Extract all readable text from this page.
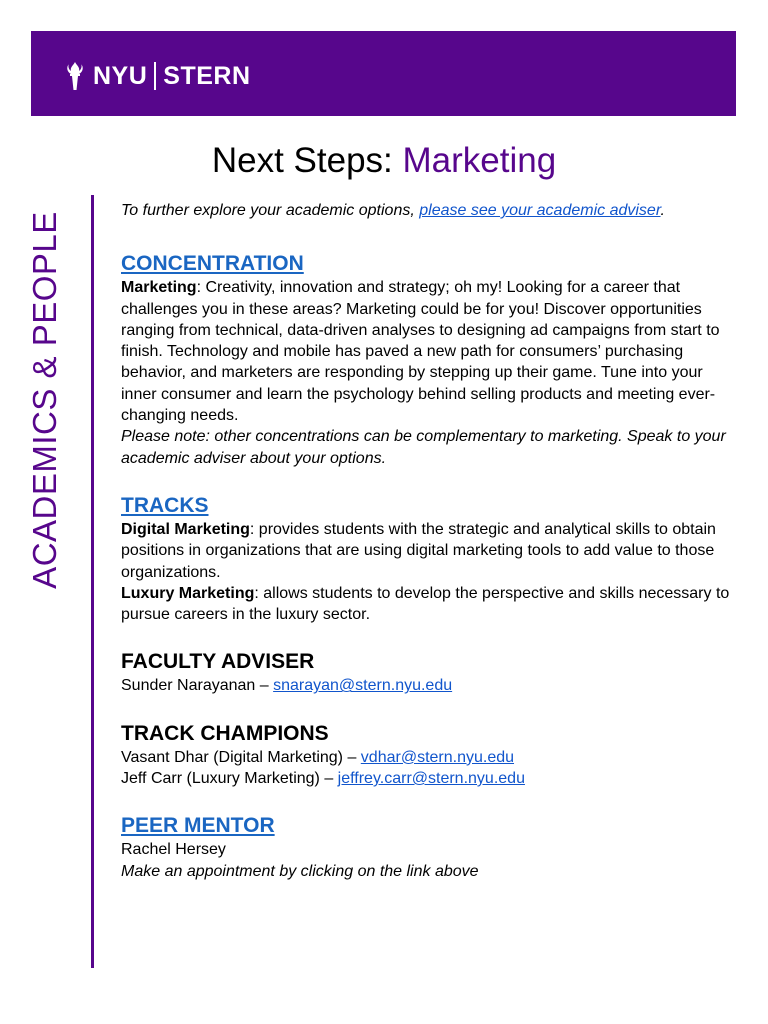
NYU STERN
Next Steps: Marketing
ACADEMICS & PEOPLE

To further explore your academic options, please see your academic adviser.

CONCENTRATION

Marketing: Creativity, innovation and strategy; oh my! Looking for a career that challenges you in these areas? Marketing could be for you! Discover opportunities ranging from technical, data-driven analyses to designing ad campaigns from start to finish. Technology and mobile has paved a new path for consumers’ purchasing behavior, and marketers are responding by stepping up their game. Tune into your inner consumer and learn the psychology behind selling products and meeting ever-changing needs.

Please note: other concentrations can be complementary to marketing. Speak to your academic adviser about your options.

TRACKS

Digital Marketing: provides students with the strategic and analytical skills to obtain positions in organizations that are using digital marketing tools to add value to those organizations.

Luxury Marketing: allows students to develop the perspective and skills necessary to pursue careers in the luxury sector.

FACULTY ADVISER

Sunder Narayanan – snarayan@stern.nyu.edu

TRACK CHAMPIONS

Vasant Dhar (Digital Marketing) – vdhar@stern.nyu.edu

Jeff Carr (Luxury Marketing) – jeffrey.carr@stern.nyu.edu

PEER MENTOR

Rachel Hersey

Make an appointment by clicking on the link above
